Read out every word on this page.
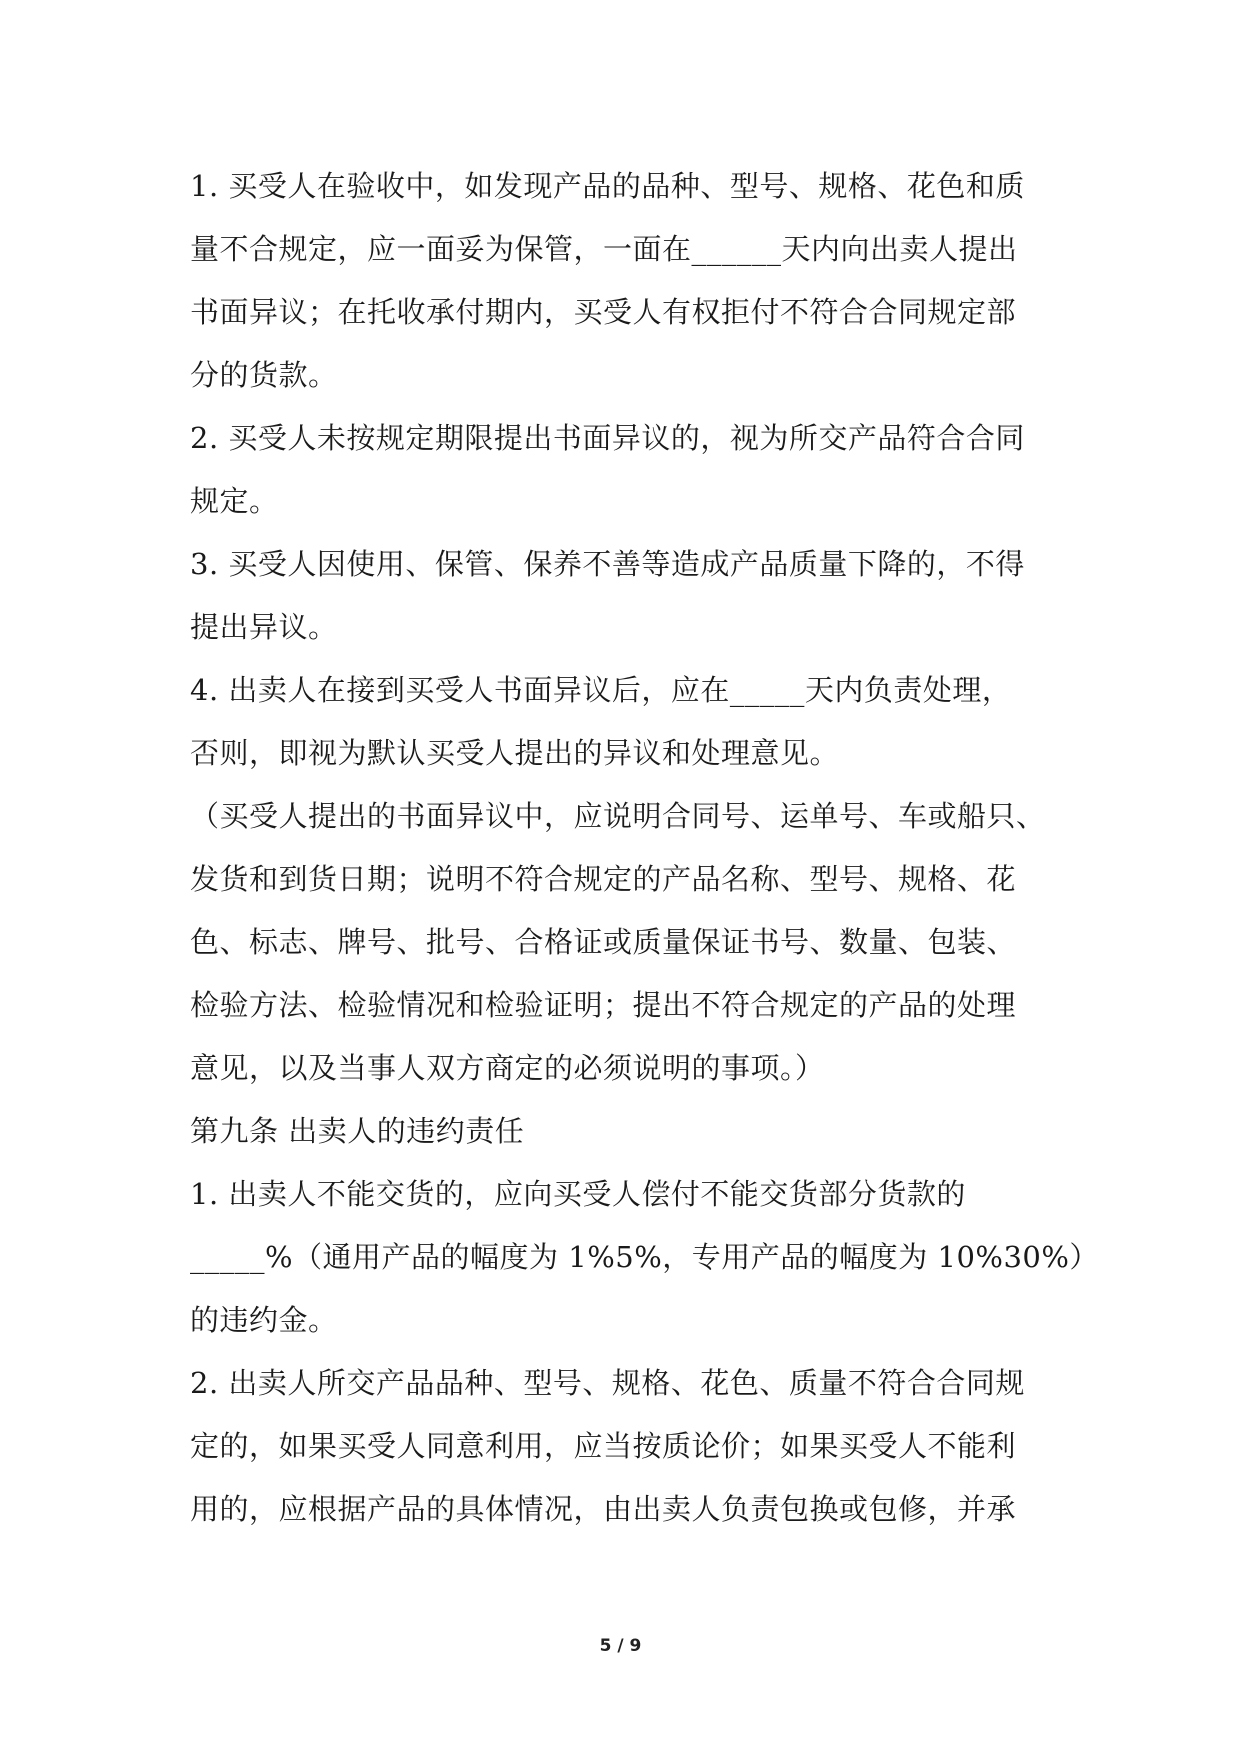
1. 买受人在验收中，如发现产品的品种、型号、规格、花色和质
量不合规定，应一面妥为保管，一面在______天内向出卖人提出
书面异议；在托收承付期内，买受人有权拒付不符合合同规定部
分的货款。
2. 买受人未按规定期限提出书面异议的，视为所交产品符合合同
规定。
3. 买受人因使用、保管、保养不善等造成产品质量下降的，不得
提出异议。
4. 出卖人在接到买受人书面异议后，应在_____天内负责处理，
否则，即视为默认买受人提出的异议和处理意见。
（买受人提出的书面异议中，应说明合同号、运单号、车或船只、
发货和到货日期；说明不符合规定的产品名称、型号、规格、花
色、标志、牌号、批号、合格证或质量保证书号、数量、包装、
检验方法、检验情况和检验证明；提出不符合规定的产品的处理
意见，以及当事人双方商定的必须说明的事项。）
第九条 出卖人的违约责任
1. 出卖人不能交货的，应向买受人偿付不能交货部分货款的
_____%（通用产品的幅度为 1%5%，专用产品的幅度为 10%30%）
的违约金。
2. 出卖人所交产品品种、型号、规格、花色、质量不符合合同规
定的，如果买受人同意利用，应当按质论价；如果买受人不能利
用的，应根据产品的具体情况，由出卖人负责包换或包修，并承
5 / 9
